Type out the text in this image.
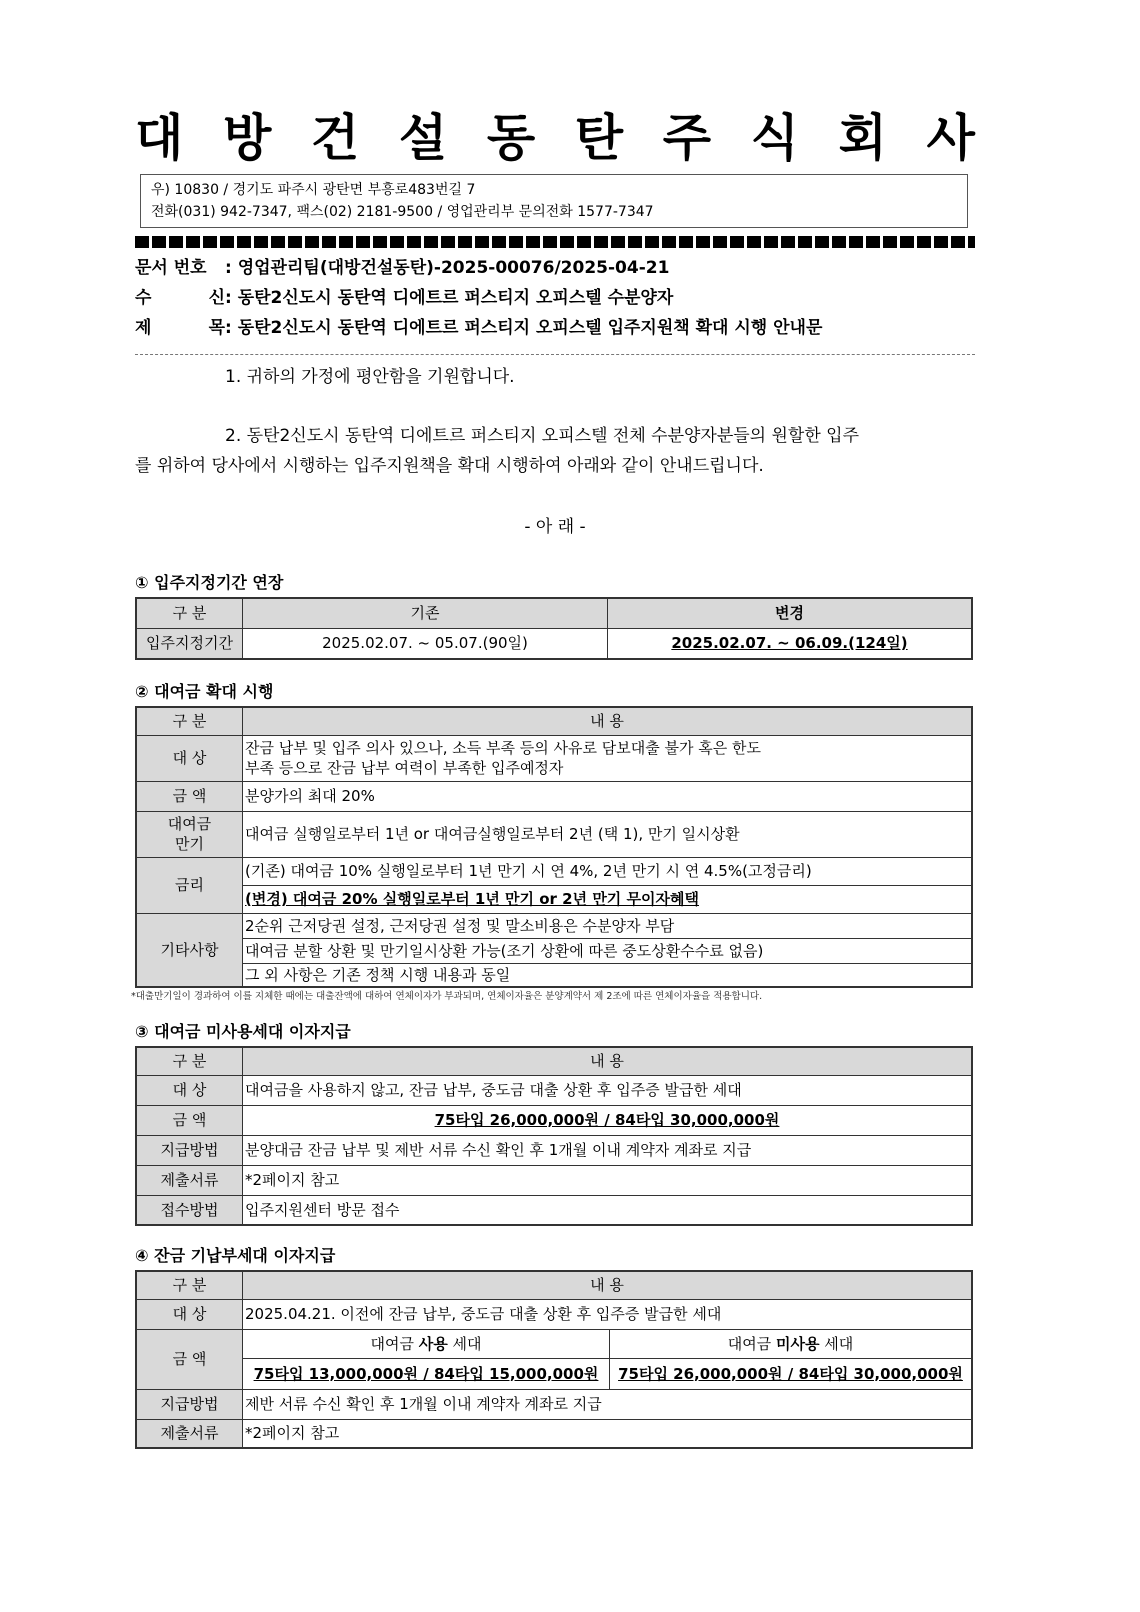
대 방 건 설 동 탄 주 식 회 사
우) 10830 / 경기도 파주시 광탄면 부흥로483번길 7
전화(031) 942-7347, 팩스(02) 2181-9500 / 영업관리부 문의전화 1577-7347
문서 번호 : 영업관리팀(대방건설동탄)-2025-00076/2025-04-21
수	신 : 동탄2신도시 동탄역 디에트르 퍼스티지 오피스텔 수분양자
제	목 : 동탄2신도시 동탄역 디에트르 퍼스티지 오피스텔 입주지원책 확대 시행 안내문
1. 귀하의 가정에 평안함을 기원합니다.
2. 동탄2신도시 동탄역 디에트르 퍼스티지 오피스텔 전체 수분양자분들의 원할한 입주
를 위하여 당사에서 시행하는 입주지원책을 확대 시행하여 아래와 같이 안내드립니다.
- 아 래 -
① 입주지정기간 연장
구 분	기존	변경
입주지정기간	2025.02.07. ~ 05.07.(90일)	2025.02.07. ~ 06.09.(124일)
② 대여금 확대 시행
구 분	내 용
대 상	잔금 납부 및 입주 의사 있으나, 소득 부족 등의 사유로 담보대출 불가 혹은 한도
부족 등으로 잔금 납부 여력이 부족한 입주예정자

금 액	분양가의 최대 20%

대여금
만기	대여금 실행일로부터 1년 or 대여금실행일로부터 2년 (택 1), 만기 일시상환
금리	(기존) 대여금 10% 실행일로부터 1년 만기 시 연 4%, 2년 만기 시 연 4.5%(고정금리)
	(변경) 대여금 20% 실행일로부터 1년 만기 or 2년 만기 무이자혜택
기타사항	2순위 근저당권 설정, 근저당권 설정 및 말소비용은 수분양자 부담
	대여금 분할 상환 및 만기일시상환 가능(조기 상환에 따른 중도상환수수료 없음)
	그 외 사항은 기존 정책 시행 내용과 동일
*대출만기일이 경과하여 이를 지체한 때에는 대출잔액에 대하여 연체이자가 부과되며, 연체이자율은 분양계약서 제 2조에 따른 연체이자율을 적용합니다.
③ 대여금 미사용세대 이자지급
구 분	내 용
대 상	대여금을 사용하지 않고, 잔금 납부, 중도금 대출 상환 후 입주증 발급한 세대
금 액	75타입 26,000,000원 / 84타입 30,000,000원
지급방법	분양대금 잔금 납부 및 제반 서류 수신 확인 후 1개월 이내 계약자 계좌로 지급
제출서류	*2페이지 참고
접수방법	입주지원센터 방문 접수
④ 잔금 기납부세대 이자지급
구 분	내 용	
대 상	2025.04.21. 이전에 잔금 납부, 중도금 대출 상환 후 입주증 발급한 세대	
금 액	대여금 사용 세대	대여금 미사용 세대
	75타입 13,000,000원 / 84타입 15,000,000원	75타입 26,000,000원 / 84타입 30,000,000원
지급방법	제반 서류 수신 확인 후 1개월 이내 계약자 계좌로 지급	
제출서류	*2페이지 참고	
